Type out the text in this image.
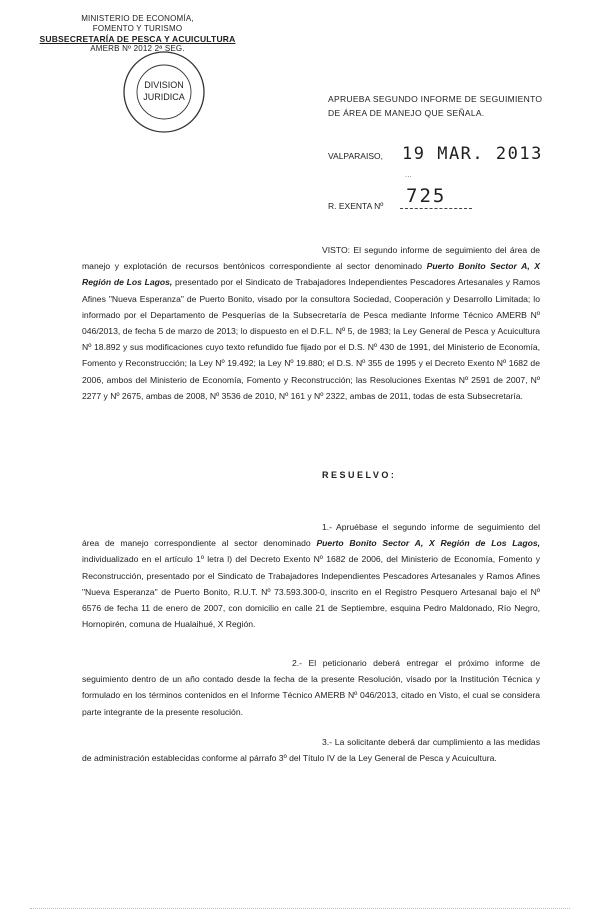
MINISTERIO DE ECONOMÍA,
FOMENTO Y TURISMO
SUBSECRETARÍA DE PESCA Y ACUICULTURA
AMERB Nº 2012 2ª SEG.
DIVISION
JURIDICA	APRUEBA SEGUNDO INFORME DE SEGUIMIENTO
DE ÁREA DE MANEJO QUE SEÑALA.
VALPARAISO, 19 MAR. 2013
...
R. EXENTA Nº 725
VISTO: El segundo informe de seguimiento del área de manejo y explotación de recursos bentónicos correspondiente al sector denominado Puerto Bonito Sector A, X Región de Los Lagos, presentado por el Sindicato de Trabajadores Independientes Pescadores Artesanales y Ramos Afines "Nueva Esperanza" de Puerto Bonito, visado por la consultora Sociedad, Cooperación y Desarrollo Limitada; lo informado por el Departamento de Pesquerías de la Subsecretaría de Pesca mediante Informe Técnico AMERB Nº 046/2013, de fecha 5 de marzo de 2013; lo dispuesto en el D.F.L. Nº 5, de 1983; la Ley General de Pesca y Acuicultura Nº 18.892 y sus modificaciones cuyo texto refundido fue fijado por el D.S. Nº 430 de 1991, del Ministerio de Economía, Fomento y Reconstrucción; la Ley Nº 19.492; la Ley Nº 19.880; el D.S. Nº 355 de 1995 y el Decreto Exento Nº 1682 de 2006, ambos del Ministerio de Economía, Fomento y Reconstrucción; las Resoluciones Exentas Nº 2591 de 2007, Nº 2277 y Nº 2675, ambas de 2008, Nº 3536 de 2010, Nº 161 y Nº 2322, ambas de 2011, todas de esta Subsecretaría.
RESUELVO:
1.- Apruébase el segundo informe de seguimiento del área de manejo correspondiente al sector denominado Puerto Bonito Sector A, X Región de Los Lagos, individualizado en el artículo 1º letra l) del Decreto Exento Nº 1682 de 2006, del Ministerio de Economía, Fomento y Reconstrucción, presentado por el Sindicato de Trabajadores Independientes Pescadores Artesanales y Ramos Afines "Nueva Esperanza" de Puerto Bonito, R.U.T. Nº 73.593.300-0, inscrito en el Registro Pesquero Artesanal bajo el Nº 6576 de fecha 11 de enero de 2007, con domicilio en calle 21 de Septiembre, esquina Pedro Maldonado, Río Negro, Hornopirén, comuna de Hualaihué, X Región.
2.- El peticionario deberá entregar el próximo informe de seguimiento dentro de un año contado desde la fecha de la presente Resolución, visado por la Institución Técnica y formulado en los términos contenidos en el Informe Técnico AMERB Nº 046/2013, citado en Visto, el cual se considera parte integrante de la presente resolución.
3.- La solicitante deberá dar cumplimiento a las medidas de administración establecidas conforme al párrafo 3º del Título IV de la Ley General de Pesca y Acuicultura.
